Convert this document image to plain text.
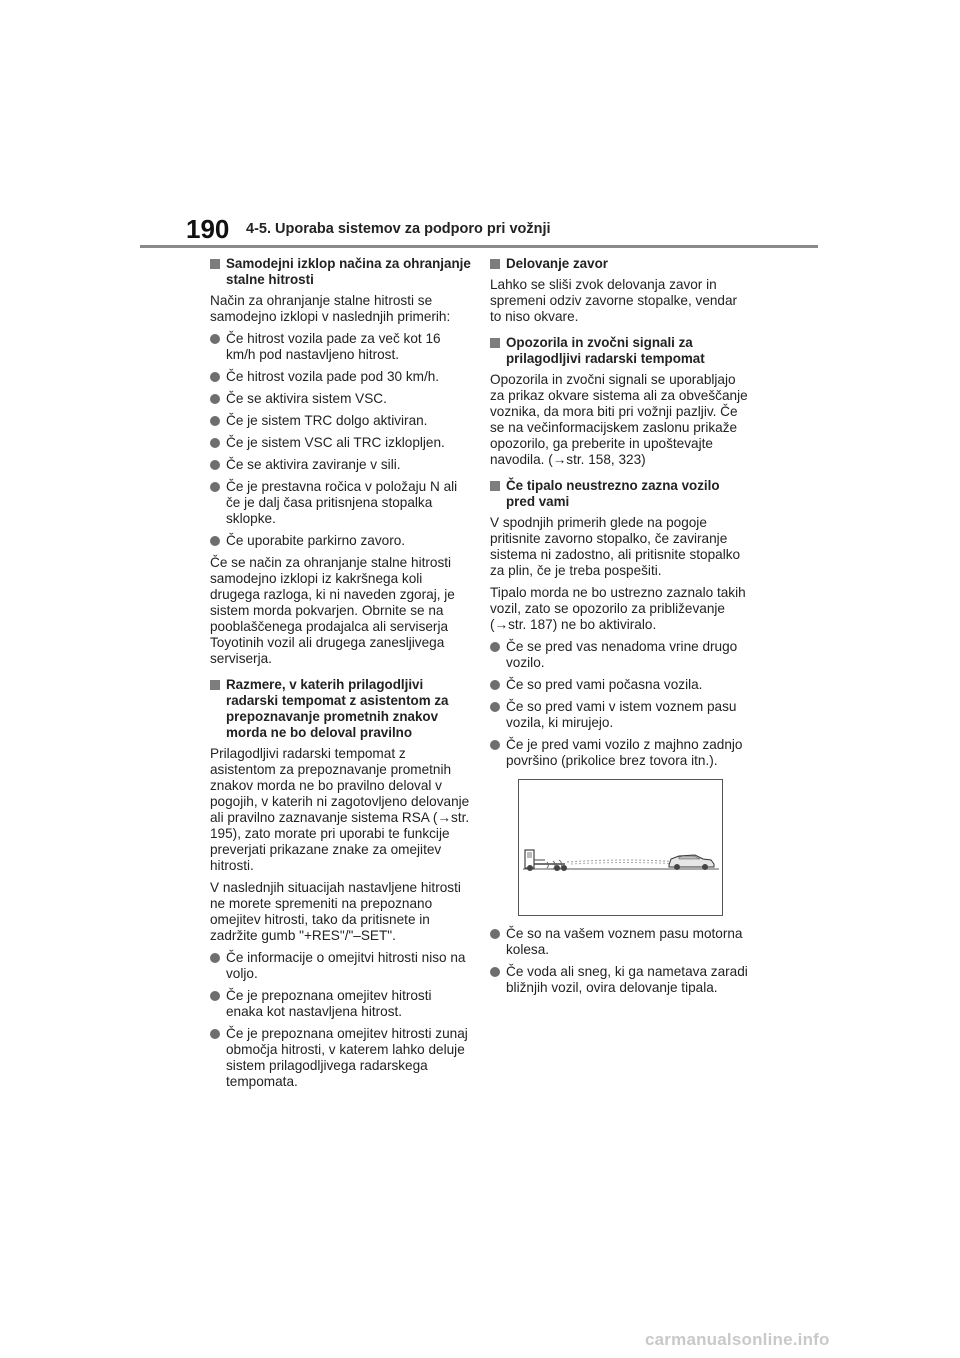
190 4-5. Uporaba sistemov za podporo pri vožnji
Samodejni izklop načina za ohranjanje stalne hitrosti

Način za ohranjanje stalne hitrosti se samodejno izklopi v naslednjih primerih:

Če hitrost vozila pade za več kot 16 km/h pod nastavljeno hitrost.
Če hitrost vozila pade pod 30 km/h.
Če se aktivira sistem VSC.
Če je sistem TRC dolgo aktiviran.
Če je sistem VSC ali TRC izklopljen.
Če se aktivira zaviranje v sili.
Če je prestavna ročica v položaju N ali če je dalj časa pritisnjena stopalka sklopke.
Če uporabite parkirno zavoro.

Če se način za ohranjanje stalne hitrosti samodejno izklopi iz kakršnega koli drugega razloga, ki ni naveden zgoraj, je sistem morda pokvarjen. Obrnite se na pooblaščenega prodajalca ali serviserja Toyotinih vozil ali drugega zanesljivega serviserja.

Razmere, v katerih prilagodljivi radarski tempomat z asistentom za prepoznavanje prometnih znakov morda ne bo deloval pravilno

Prilagodljivi radarski tempomat z asistentom za prepoznavanje prometnih znakov morda ne bo pravilno deloval v pogojih, v katerih ni zagotovljeno delovanje ali pravilno zaznavanje sistema RSA (→str. 195), zato morate pri uporabi te funkcije preverjati prikazane znake za omejitev hitrosti.

V naslednjih situacijah nastavljene hitrosti ne morete spremeniti na prepoznano omejitev hitrosti, tako da pritisnete in zadržite gumb "+RES"/"–SET".

Če informacije o omejitvi hitrosti niso na voljo.
Če je prepoznana omejitev hitrosti enaka kot nastavljena hitrost.
Če je prepoznana omejitev hitrosti zunaj območja hitrosti, v katerem lahko deluje sistem prilagodljivega radarskega tempomata.
Delovanje zavor

Lahko se sliši zvok delovanja zavor in spremeni odziv zavorne stopalke, vendar to niso okvare.

Opozorila in zvočni signali za prilagodljivi radarski tempomat

Opozorila in zvočni signali se uporabljajo za prikaz okvare sistema ali za obveščanje voznika, da mora biti pri vožnji pazljiv. Če se na večinformacijskem zaslonu prikaže opozorilo, ga preberite in upoštevajte navodila. (→str. 158, 323)

Če tipalo neustrezno zazna vozilo pred vami

V spodnjih primerih glede na pogoje pritisnite zavorno stopalko, če zaviranje sistema ni zadostno, ali pritisnite stopalko za plin, če je treba pospešiti.

Tipalo morda ne bo ustrezno zaznalo takih vozil, zato se opozorilo za približevanje (→str. 187) ne bo aktiviralo.

Če se pred vas nenadoma vrine drugo vozilo.
Če so pred vami počasna vozila.
Če so pred vami v istem voznem pasu vozila, ki mirujejo.
Če je pred vami vozilo z majhno zadnjo površino (prikolice brez tovora itn.).
Če so na vašem voznem pasu motorna kolesa.
Če voda ali sneg, ki ga nametava zaradi bližnjih vozil, ovira delovanje tipala.
carmanualsonline.info
